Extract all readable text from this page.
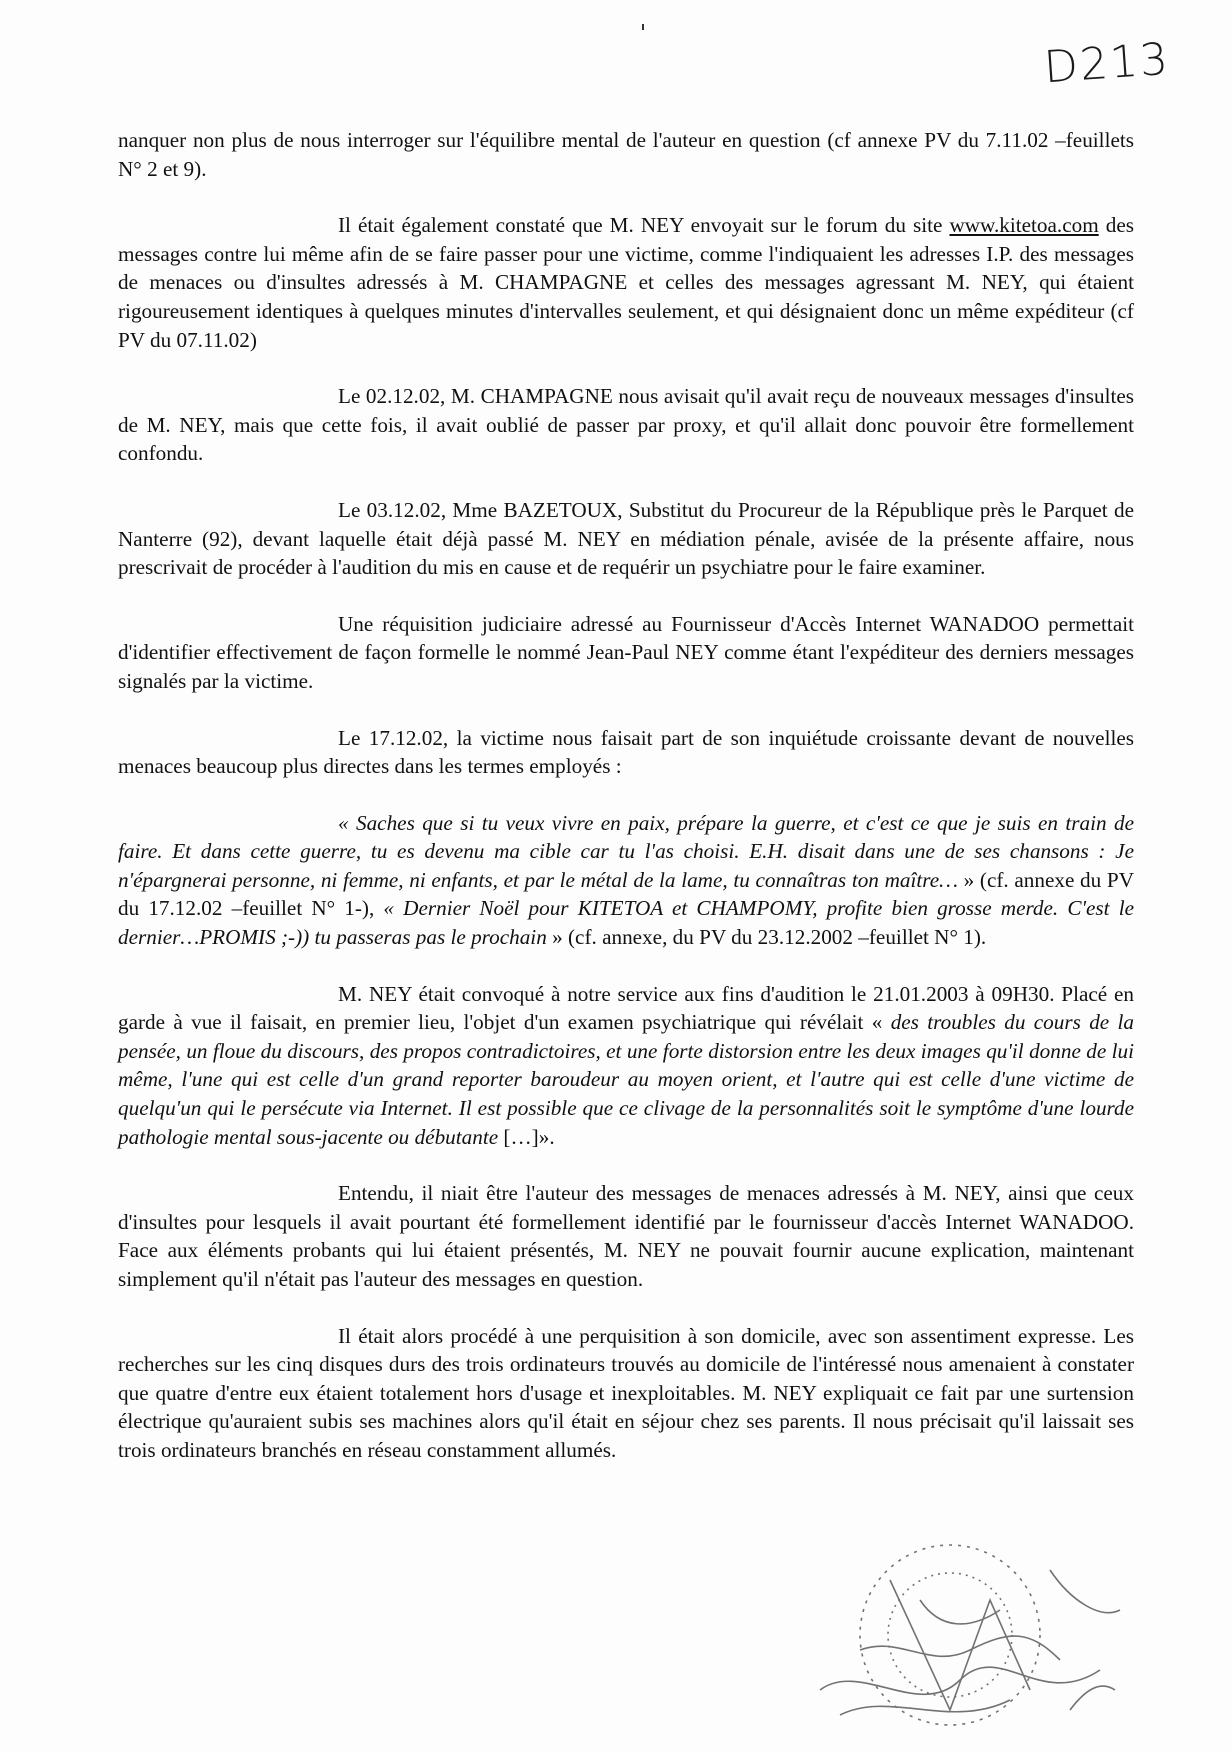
D213

nanquer non plus de nous interroger sur l'équilibre mental de l'auteur en question (cf annexe PV du 7.11.02 –feuillets N° 2 et 9).

Il était également constaté que M. NEY envoyait sur le forum du site www.kitetoa.com des messages contre lui même afin de se faire passer pour une victime, comme l'indiquaient les adresses I.P. des messages de menaces ou d'insultes adressés à M. CHAMPAGNE et celles des messages agressant M. NEY, qui étaient rigoureusement identiques à quelques minutes d'intervalles seulement, et qui désignaient donc un même expéditeur (cf PV du 07.11.02)

Le 02.12.02, M. CHAMPAGNE nous avisait qu'il avait reçu de nouveaux messages d'insultes de M. NEY, mais que cette fois, il avait oublié de passer par proxy, et qu'il allait donc pouvoir être formellement confondu.

Le 03.12.02, Mme BAZETOUX, Substitut du Procureur de la République près le Parquet de Nanterre (92), devant laquelle était déjà passé M. NEY en médiation pénale, avisée de la présente affaire, nous prescrivait de procéder à l'audition du mis en cause et de requérir un psychiatre pour le faire examiner.

Une réquisition judiciaire adressé au Fournisseur d'Accès Internet WANADOO permettait d'identifier effectivement de façon formelle le nommé Jean-Paul NEY comme étant l'expéditeur des derniers messages signalés par la victime.

Le 17.12.02, la victime nous faisait part de son inquiétude croissante devant de nouvelles menaces beaucoup plus directes dans les termes employés :

« Saches que si tu veux vivre en paix, prépare la guerre, et c'est ce que je suis en train de faire. Et dans cette guerre, tu es devenu ma cible car tu l'as choisi. E.H. disait dans une de ses chansons : Je n'épargnerai personne, ni femme, ni enfants, et par le métal de la lame, tu connaîtras ton maître… » (cf. annexe du PV du 17.12.02 –feuillet N° 1-), « Dernier Noël pour KITETOA et CHAMPOMY, profite bien grosse merde. C'est le dernier…PROMIS ;-)) tu passeras pas le prochain » (cf. annexe, du PV du 23.12.2002 –feuillet N° 1).

M. NEY était convoqué à notre service aux fins d'audition le 21.01.2003 à 09H30. Placé en garde à vue il faisait, en premier lieu, l'objet d'un examen psychiatrique qui révélait « des troubles du cours de la pensée, un floue du discours, des propos contradictoires, et une forte distorsion entre les deux images qu'il donne de lui même, l'une qui est celle d'un grand reporter baroudeur au moyen orient, et l'autre qui est celle d'une victime de quelqu'un qui le persécute via Internet. Il est possible que ce clivage de la personnalités soit le symptôme d'une lourde pathologie mental sous-jacente ou débutante […]».

Entendu, il niait être l'auteur des messages de menaces adressés à M. NEY, ainsi que ceux d'insultes pour lesquels il avait pourtant été formellement identifié par le fournisseur d'accès Internet WANADOO. Face aux éléments probants qui lui étaient présentés, M. NEY ne pouvait fournir aucune explication, maintenant simplement qu'il n'était pas l'auteur des messages en question.

Il était alors procédé à une perquisition à son domicile, avec son assentiment expresse. Les recherches sur les cinq disques durs des trois ordinateurs trouvés au domicile de l'intéressé nous amenaient à constater que quatre d'entre eux étaient totalement hors d'usage et inexploitables. M. NEY expliquait ce fait par une surtension électrique qu'auraient subis ses machines alors qu'il était en séjour chez ses parents. Il nous précisait qu'il laissait ses trois ordinateurs branchés en réseau constamment allumés.
